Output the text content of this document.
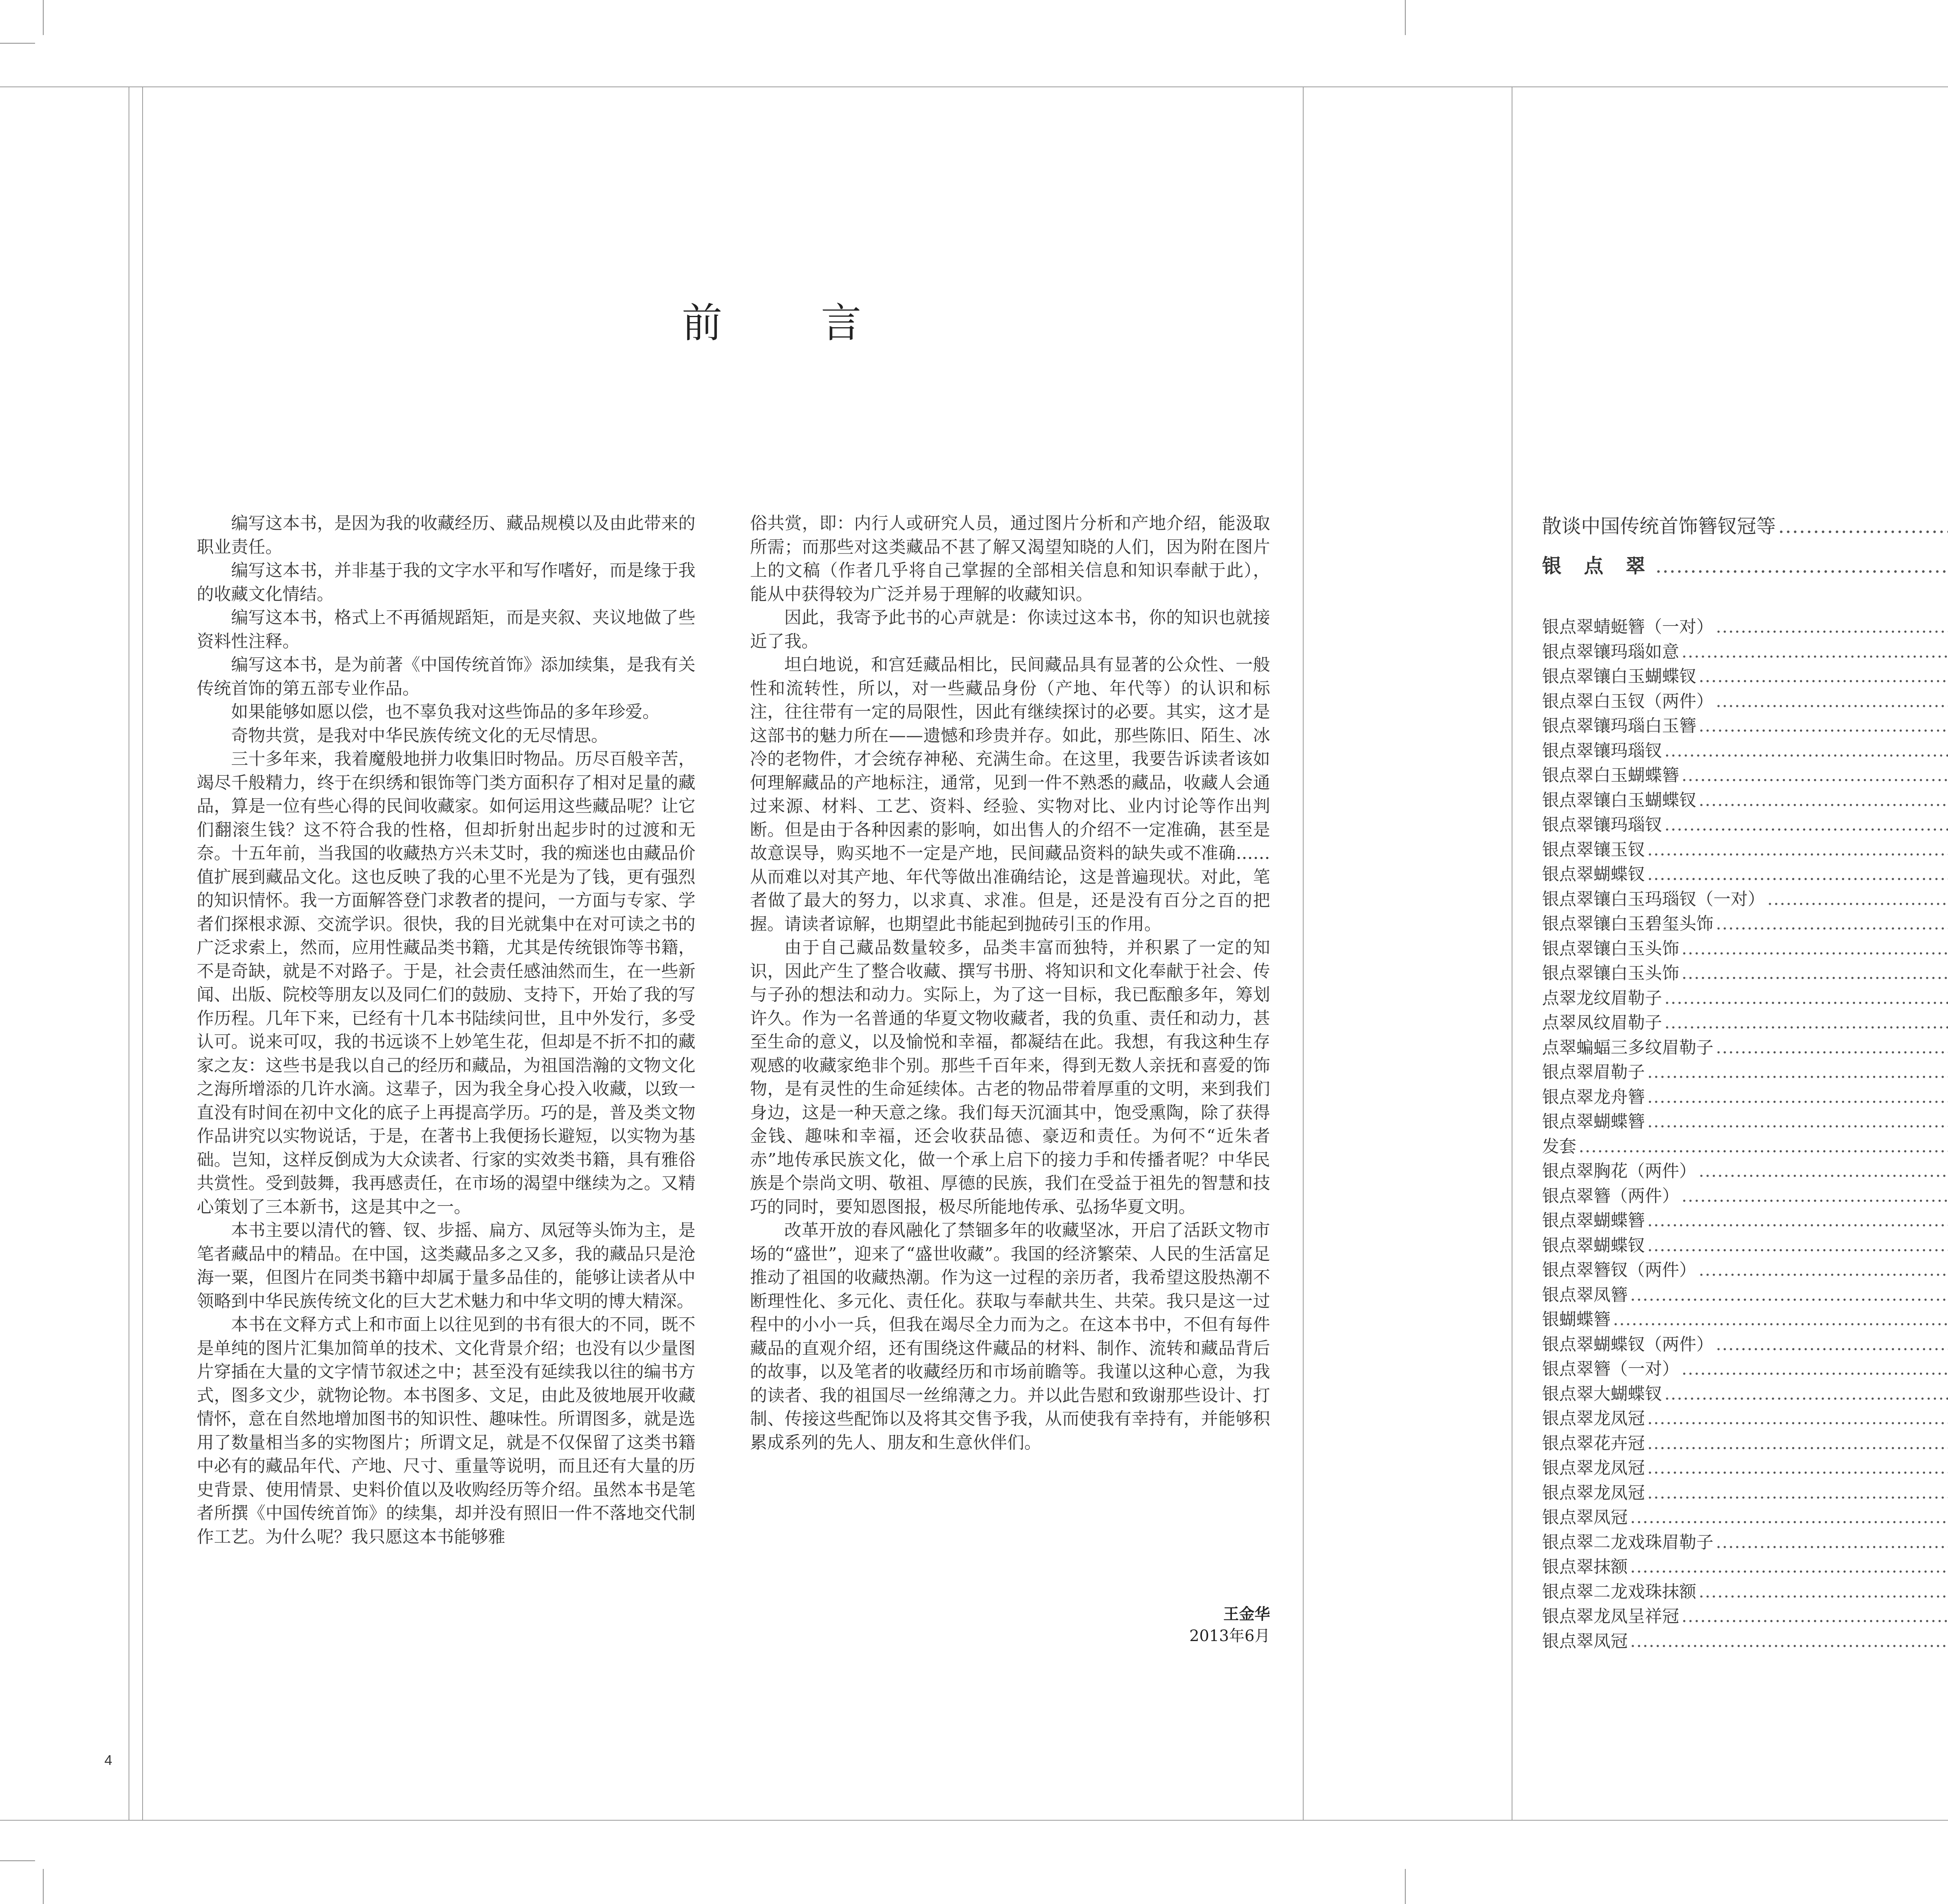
前 言

编写这本书，是因为我的收藏经历、藏品规模以及由此带来的职业责任。

编写这本书，并非基于我的文字水平和写作嗜好，而是缘于我的收藏文化情结。

编写这本书，格式上不再循规蹈矩，而是夹叙、夹议地做了些资料性注释。

编写这本书，是为前著《中国传统首饰》添加续集，是我有关传统首饰的第五部专业作品。

如果能够如愿以偿，也不辜负我对这些饰品的多年珍爱。

奇物共赏，是我对中华民族传统文化的无尽情思。

三十多年来，我着魔般地拼力收集旧时物品。历尽百般辛苦，竭尽千般精力，终于在织绣和银饰等门类方面积存了相对足量的藏品，算是一位有些心得的民间收藏家。如何运用这些藏品呢？让它们翻滚生钱？这不符合我的性格，但却折射出起步时的过渡和无奈。十五年前，当我国的收藏热方兴未艾时，我的痴迷也由藏品价值扩展到藏品文化。这也反映了我的心里不光是为了钱，更有强烈的知识情怀。我一方面解答登门求教者的提问，一方面与专家、学者们探根求源、交流学识。很快，我的目光就集中在对可读之书的广泛求索上，然而，应用性藏品类书籍，尤其是传统银饰等书籍，不是奇缺，就是不对路子。于是，社会责任感油然而生，在一些新闻、出版、院校等朋友以及同仁们的鼓励、支持下，开始了我的写作历程。几年下来，已经有十几本书陆续问世，且中外发行，多受认可。说来可叹，我的书远谈不上妙笔生花，但却是不折不扣的藏家之友：这些书是我以自己的经历和藏品，为祖国浩瀚的文物文化之海所增添的几许水滴。这辈子，因为我全身心投入收藏，以致一直没有时间在初中文化的底子上再提高学历。巧的是，普及类文物作品讲究以实物说话，于是，在著书上我便扬长避短，以实物为基础。岂知，这样反倒成为大众读者、行家的实效类书籍，具有雅俗共赏性。受到鼓舞，我再感责任，在市场的渴望中继续为之。又精心策划了三本新书，这是其中之一。

本书主要以清代的簪、钗、步摇、扁方、凤冠等头饰为主，是笔者藏品中的精品。在中国，这类藏品多之又多，我的藏品只是沧海一粟，但图片在同类书籍中却属于量多品佳的，能够让读者从中领略到中华民族传统文化的巨大艺术魅力和中华文明的博大精深。

本书在文释方式上和市面上以往见到的书有很大的不同，既不是单纯的图片汇集加简单的技术、文化背景介绍；也没有以少量图片穿插在大量的文字情节叙述之中；甚至没有延续我以往的编书方式，图多文少，就物论物。本书图多、文足，由此及彼地展开收藏情怀，意在自然地增加图书的知识性、趣味性。所谓图多，就是选用了数量相当多的实物图片；所谓文足，就是不仅保留了这类书籍中必有的藏品年代、产地、尺寸、重量等说明，而且还有大量的历史背景、使用情景、史料价值以及收购经历等介绍。虽然本书是笔者所撰《中国传统首饰》的续集，却并没有照旧一件不落地交代制作工艺。为什么呢？我只愿这本书能够雅

俗共赏，即：内行人或研究人员，通过图片分析和产地介绍，能汲取所需；而那些对这类藏品不甚了解又渴望知晓的人们，因为附在图片上的文稿（作者几乎将自己掌握的全部相关信息和知识奉献于此），能从中获得较为广泛并易于理解的收藏知识。

因此，我寄予此书的心声就是：你读过这本书，你的知识也就接近了我。

坦白地说，和宫廷藏品相比，民间藏品具有显著的公众性、一般性和流转性，所以，对一些藏品身份（产地、年代等）的认识和标注，往往带有一定的局限性，因此有继续探讨的必要。其实，这才是这部书的魅力所在——遗憾和珍贵并存。如此，那些陈旧、陌生、冰冷的老物件，才会统存神秘、充满生命。在这里，我要告诉读者该如何理解藏品的产地标注，通常，见到一件不熟悉的藏品，收藏人会通过来源、材料、工艺、资料、经验、实物对比、业内讨论等作出判断。但是由于各种因素的影响，如出售人的介绍不一定准确，甚至是故意误导，购买地不一定是产地，民间藏品资料的缺失或不准确……从而难以对其产地、年代等做出准确结论，这是普遍现状。对此，笔者做了最大的努力，以求真、求准。但是，还是没有百分之百的把握。请读者谅解，也期望此书能起到抛砖引玉的作用。

由于自己藏品数量较多，品类丰富而独特，并积累了一定的知识，因此产生了整合收藏、撰写书册、将知识和文化奉献于社会、传与子孙的想法和动力。实际上，为了这一目标，我已酝酿多年，筹划许久。作为一名普通的华夏文物收藏者，我的负重、责任和动力，甚至生命的意义，以及愉悦和幸福，都凝结在此。我想，有我这种生存观感的收藏家绝非个别。那些千百年来，得到无数人亲抚和喜爱的饰物，是有灵性的生命延续体。古老的物品带着厚重的文明，来到我们身边，这是一种天意之缘。我们每天沉湎其中，饱受熏陶，除了获得金钱、趣味和幸福，还会收获品德、豪迈和责任。为何不“近朱者赤”地传承民族文化，做一个承上启下的接力手和传播者呢？中华民族是个崇尚文明、敬祖、厚德的民族，我们在受益于祖先的智慧和技巧的同时，要知恩图报，极尽所能地传承、弘扬华夏文明。

改革开放的春风融化了禁锢多年的收藏坚冰，开启了活跃文物市场的“盛世”，迎来了“盛世收藏”。我国的经济繁荣、人民的生活富足推动了祖国的收藏热潮。作为这一过程的亲历者，我希望这股热潮不断理性化、多元化、责任化。获取与奉献共生、共荣。我只是这一过程中的小小一兵，但我在竭尽全力而为之。在这本书中，不但有每件藏品的直观介绍，还有围绕这件藏品的材料、制作、流转和藏品背后的故事，以及笔者的收藏经历和市场前瞻等。我谨以这种心意，为我的读者、我的祖国尽一丝绵薄之力。并以此告慰和致谢那些设计、打制、传接这些配饰以及将其交售予我，从而使我有幸持有，并能够积累成系列的先人、朋友和生意伙伴们。

王金华
2013年6月
4
散谈中国传统首饰簪钗冠等
.....
银 点 翠
.....
银点翠蜻蜓簪（一对）
.....
银点翠镶玛瑙如意
.....
银点翠镶白玉蝴蝶钗
.....
银点翠白玉钗（两件）
.....
银点翠镶玛瑙白玉簪
.....
银点翠镶玛瑙钗
.....
银点翠白玉蝴蝶簪
.....
银点翠镶白玉蝴蝶钗
.....
银点翠镶玛瑙钗
.....
银点翠镶玉钗
.....
银点翠蝴蝶钗
.....
银点翠镶白玉玛瑙钗（一对）
.....
银点翠镶白玉碧玺头饰
.....
银点翠镶白玉头饰
.....
银点翠镶白玉头饰
.....
点翠龙纹眉勒子
.....
点翠凤纹眉勒子
.....
点翠蝙蝠三多纹眉勒子
.....
银点翠眉勒子
.....
银点翠龙舟簪
.....
银点翠蝴蝶簪
.....
发套
.....
银点翠胸花（两件）
.....
银点翠簪（两件）
.....
银点翠蝴蝶簪
.....
银点翠蝴蝶钗
.....
银点翠簪钗（两件）
.....
银点翠凤簪
.....
银蝴蝶簪
.....
银点翠蝴蝶钗（两件）
.....
银点翠簪（一对）
.....
银点翠大蝴蝶钗
.....
银点翠龙凤冠
.....
银点翠花卉冠
.....
银点翠龙凤冠
.....
银点翠龙凤冠
.....
银点翠凤冠
.....
银点翠二龙戏珠眉勒子
.....
银点翠抹额
.....
银点翠二龙戏珠抹额
.....
银点翠龙凤呈祥冠
.....
银点翠凤冠
.....
